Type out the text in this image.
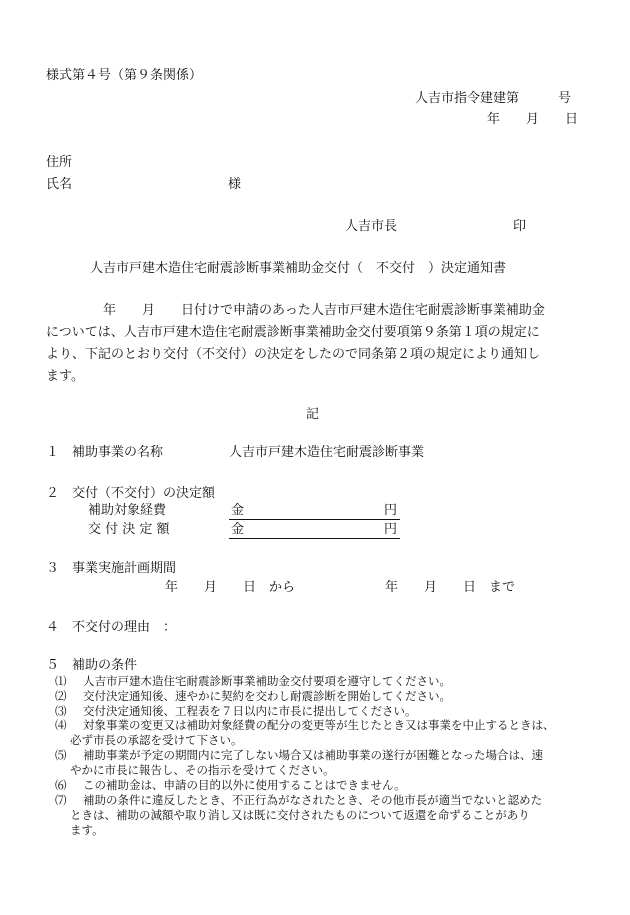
様式第４号（第９条関係）
人吉市指令建建第　　　号
年　　月　　日
住所
氏名	様
人吉市長	印
人吉市戸建木造住宅耐震診断事業補助金交付（　不交付　）決定通知書
年　　月　　日付けで申請のあった人吉市戸建木造住宅耐震診断事業補助金
については、人吉市戸建木造住宅耐震診断事業補助金交付要項第９条第１項の規定に
より、下記のとおり交付（不交付）の決定をしたので同条第２項の規定により通知し
ます。
記
１　補助事業の名称	人吉市戸建木造住宅耐震診断事業
２　交付（不交付）の決定額
補助対象経費	金	円
交 付 決 定 額	金	円
３　事業実施計画期間
年　　月　　日　から	年　　月　　日　まで
４　不交付の理由　：
５　補助の条件
⑴ 人吉市戸建木造住宅耐震診断事業補助金交付要項を遵守してください。
⑵ 交付決定通知後、速やかに契約を交わし耐震診断を開始してください。
⑶ 交付決定通知後、工程表を７日以内に市長に提出してください。
⑷ 対象事業の変更又は補助対象経費の配分の変更等が生じたとき又は事業を中止するときは、
必ず市長の承認を受けて下さい。
⑸ 補助事業が予定の期間内に完了しない場合又は補助事業の遂行が困難となった場合は、速
やかに市長に報告し、その指示を受けてください。
⑹ この補助金は、申請の目的以外に使用することはできません。
⑺ 補助の条件に違反したとき、不正行為がなされたとき、その他市長が適当でないと認めた
ときは、補助の減額や取り消し又は既に交付されたものについて返還を命ずることがあり
ます。
